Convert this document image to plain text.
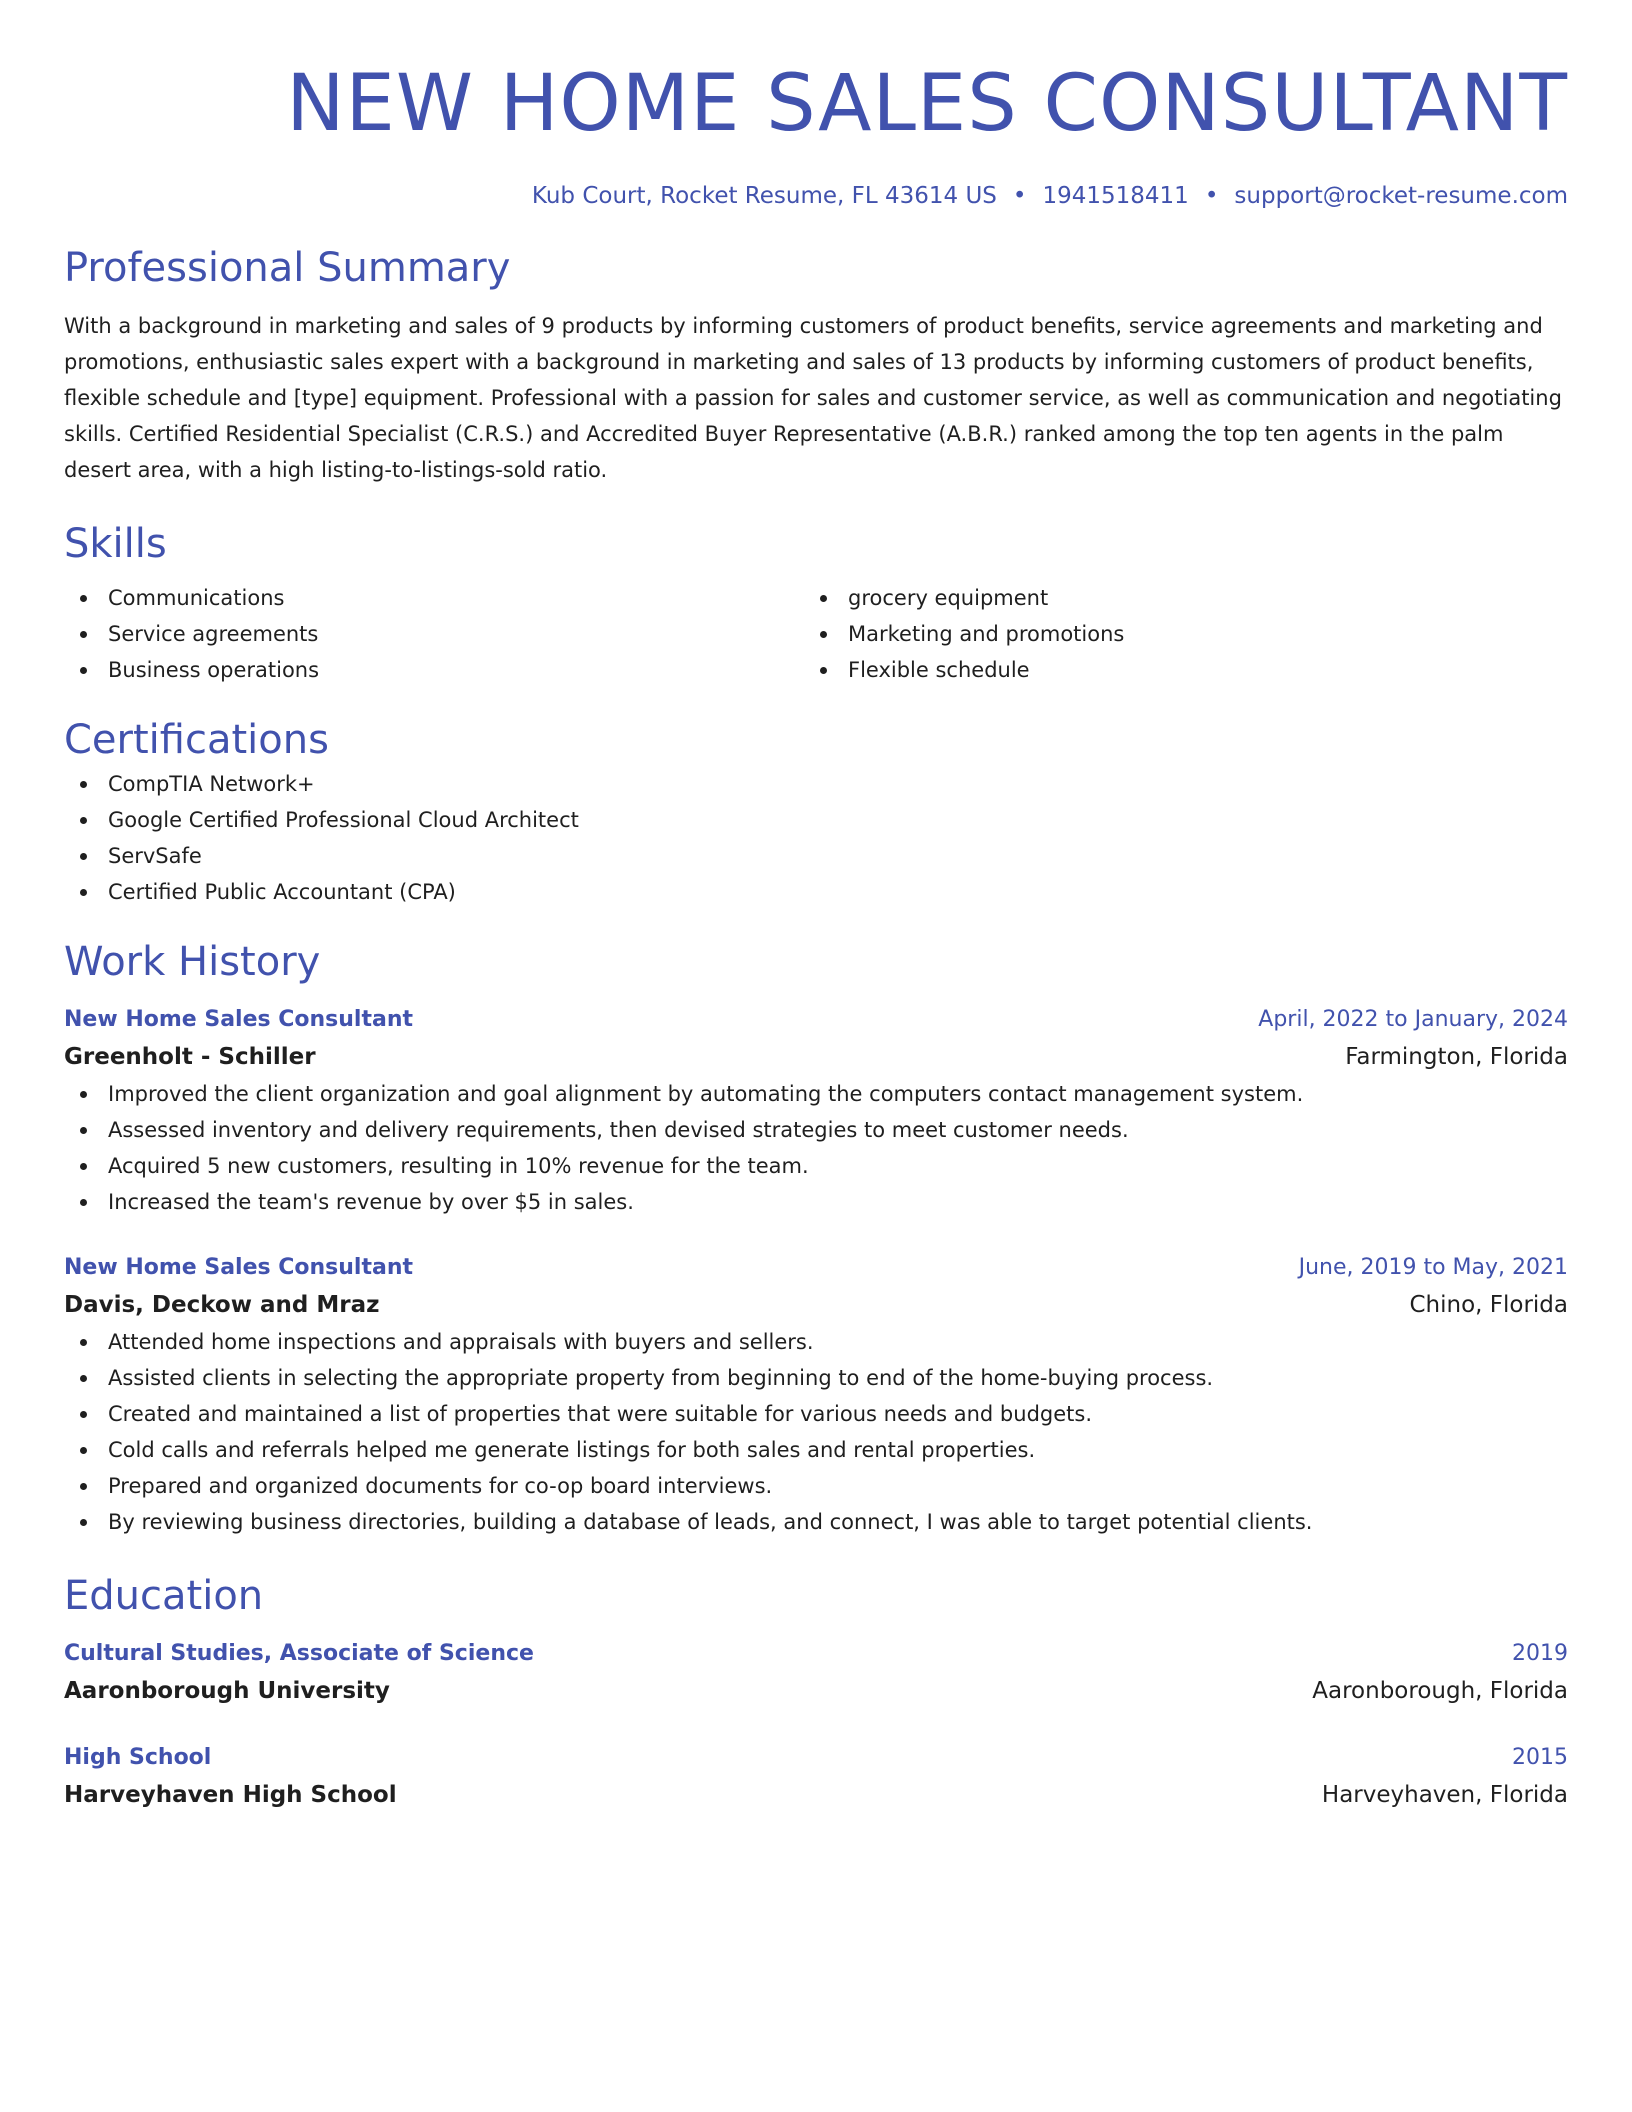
NEW HOME SALES CONSULTANT
Kub Court, Rocket Resume, FL 43614 US • 1941518411 • support@rocket-resume.com
Professional Summary

With a background in marketing and sales of 9 products by informing customers of product benefits, service agreements and marketing and promotions, enthusiastic sales expert with a background in marketing and sales of 13 products by informing customers of product benefits, flexible schedule and [type] equipment. Professional with a passion for sales and customer service, as well as communication and negotiating skills. Certified Residential Specialist (C.R.S.) and Accredited Buyer Representative (A.B.R.) ranked among the top ten agents in the palm desert area, with a high listing-to-listings-sold ratio.

Skills
Communications
Service agreements
Business operations
grocery equipment
Marketing and promotions
Flexible schedule
Certifications
CompTIA Network+
Google Certified Professional Cloud Architect
ServSafe
Certified Public Accountant (CPA)
Work History
New Home Sales Consultant	April, 2022 to January, 2024
Greenholt - Schiller	Farmington, Florida
Improved the client organization and goal alignment by automating the computers contact management system.
Assessed inventory and delivery requirements, then devised strategies to meet customer needs.
Acquired 5 new customers, resulting in 10% revenue for the team.
Increased the team's revenue by over $5 in sales.
New Home Sales Consultant	June, 2019 to May, 2021
Davis, Deckow and Mraz	Chino, Florida
Attended home inspections and appraisals with buyers and sellers.
Assisted clients in selecting the appropriate property from beginning to end of the home-buying process.
Created and maintained a list of properties that were suitable for various needs and budgets.
Cold calls and referrals helped me generate listings for both sales and rental properties.
Prepared and organized documents for co-op board interviews.
By reviewing business directories, building a database of leads, and connect, I was able to target potential clients.
Education
Cultural Studies, Associate of Science	2019
Aaronborough University	Aaronborough, Florida
High School	2015
Harveyhaven High School	Harveyhaven, Florida
